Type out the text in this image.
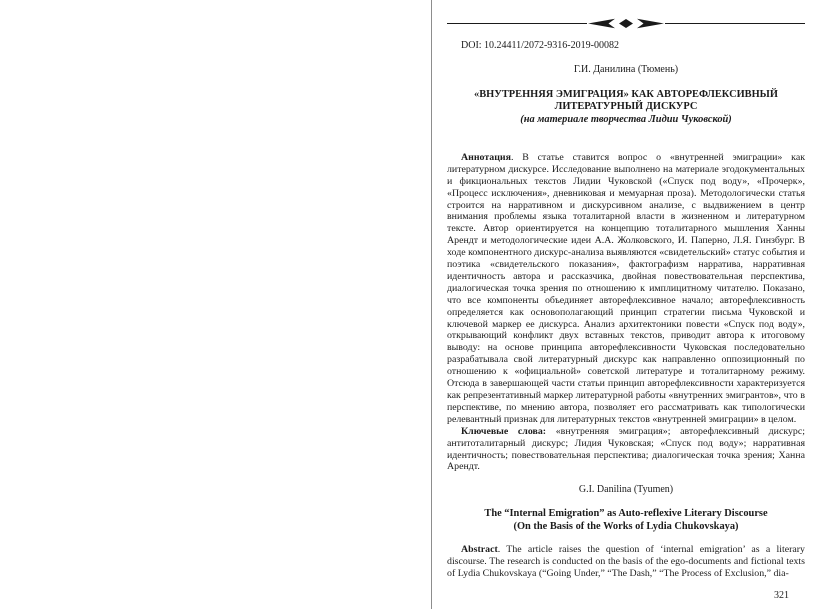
DOI: 10.24411/2072-9316-2019-00082

Г.И. Данилина (Тюмень)

«ВНУТРЕННЯЯ ЭМИГРАЦИЯ» КАК АВТОРЕФЛЕКСИВНЫЙ
ЛИТЕРАТУРНЫЙ ДИСКУРС
(на материале творчества Лидии Чуковской)

Аннотация. В статье ставится вопрос о «внутренней эмиграции» как литературном дискурсе. Исследование выполнено на материале эгодокументальных и фикциональных текстов Лидии Чуковской («Спуск под воду», «Прочерк», «Процесс исключения», дневниковая и мемуарная проза). Методологически статья строится на нарративном и дискурсивном анализе, с выдвижением в центр внимания проблемы языка тоталитарной власти в жизненном и литературном тексте. Автор ориентируется на концепцию тоталитарного мышления Ханны Арендт и методологические идеи А.А. Жолковского, И. Паперно, Л.Я. Гинзбург. В ходе компонентного дискурс-анализа выявляются «свидетельский» статус события и поэтика «свидетельского показания», фактографизм нарратива, нарративная идентичность автора и рассказчика, двойная повествовательная перспектива, диалогическая точка зрения по отношению к имплицитному читателю. Показано, что все компоненты объединяет авторефлексивное начало; авторефлексивность определяется как основополагающий принцип стратегии письма Чуковской и ключевой маркер ее дискурса. Анализ архитектоники повести «Спуск под воду», открывающий конфликт двух вставных текстов, приводит автора к итоговому выводу: на основе принципа авторефлексивности Чуковская последовательно разрабатывала свой литературный дискурс как направленно оппозиционный по отношению к «официальной» советской литературе и тоталитарному режиму. Отсюда в завершающей части статьи принцип авторефлексивности характеризуется как репрезентативный маркер литературной работы «внутренних эмигрантов», что в перспективе, по мнению автора, позволяет его рассматривать как типологически релевантный признак для литературных текстов «внутренней эмиграции» в целом.

Ключевые слова: «внутренняя эмиграция»; авторефлексивный дискурс; антитоталитарный дискурс; Лидия Чуковская; «Спуск под воду»; нарративная идентичность; повествовательная перспектива; диалогическая точка зрения; Ханна Арендт.

G.I. Danilina (Tyumen)

The “Internal Emigration” as Auto-reflexive Literary Discourse
(On the Basis of the Works of Lydia Chukovskaya)

Abstract. The article raises the question of ‘internal emigration’ as a literary discourse. The research is conducted on the basis of the ego-documents and fictional texts of Lydia Chukovskaya (“Going Under,” “The Dash,” “The Process of Exclusion,” dia-

321
